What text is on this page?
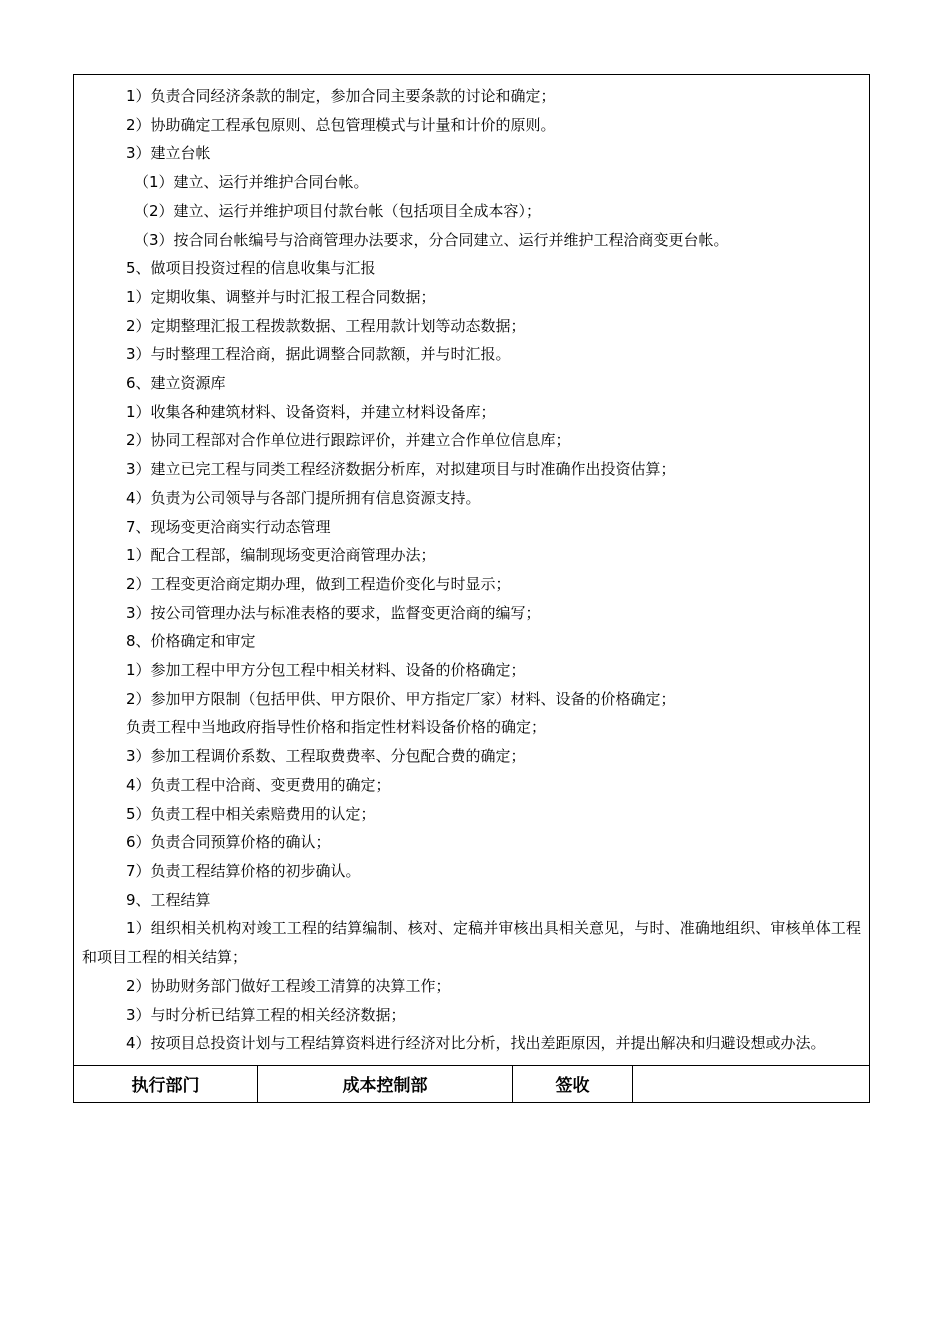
1）负责合同经济条款的制定，参加合同主要条款的讨论和确定；

2）协助确定工程承包原则、总包管理模式与计量和计价的原则。

3）建立台帐

（1）建立、运行并维护合同台帐。

（2）建立、运行并维护项目付款台帐（包括项目全成本容）；

（3）按合同台帐编号与洽商管理办法要求，分合同建立、运行并维护工程洽商变更台帐。

5、做项目投资过程的信息收集与汇报

1）定期收集、调整并与时汇报工程合同数据；

2）定期整理汇报工程拨款数据、工程用款计划等动态数据；

3）与时整理工程洽商，据此调整合同款额，并与时汇报。

6、建立资源库

1）收集各种建筑材料、设备资料，并建立材料设备库；

2）协同工程部对合作单位进行跟踪评价，并建立合作单位信息库；

3）建立已完工程与同类工程经济数据分析库，对拟建项目与时准确作出投资估算；

4）负责为公司领导与各部门提所拥有信息资源支持。

7、现场变更洽商实行动态管理

1）配合工程部，编制现场变更洽商管理办法；

2）工程变更洽商定期办理，做到工程造价变化与时显示；

3）按公司管理办法与标准表格的要求，监督变更洽商的编写；

8、价格确定和审定

1）参加工程中甲方分包工程中相关材料、设备的价格确定；

2）参加甲方限制（包括甲供、甲方限价、甲方指定厂家）材料、设备的价格确定；

负责工程中当地政府指导性价格和指定性材料设备价格的确定；

3）参加工程调价系数、工程取费费率、分包配合费的确定；

4）负责工程中洽商、变更费用的确定；

5）负责工程中相关索赔费用的认定；

6）负责合同预算价格的确认；

7）负责工程结算价格的初步确认。

9、工程结算

1）组织相关机构对竣工工程的结算编制、核对、定稿并审核出具相关意见，与时、准确地组织、审核单体工程和项目工程的相关结算；

2）协助财务部门做好工程竣工清算的决算工作；

3）与时分析已结算工程的相关经济数据；

4）按项目总投资计划与工程结算资料进行经济对比分析，找出差距原因，并提出解决和归避设想或办法。

执行部门	成本控制部	签收	
